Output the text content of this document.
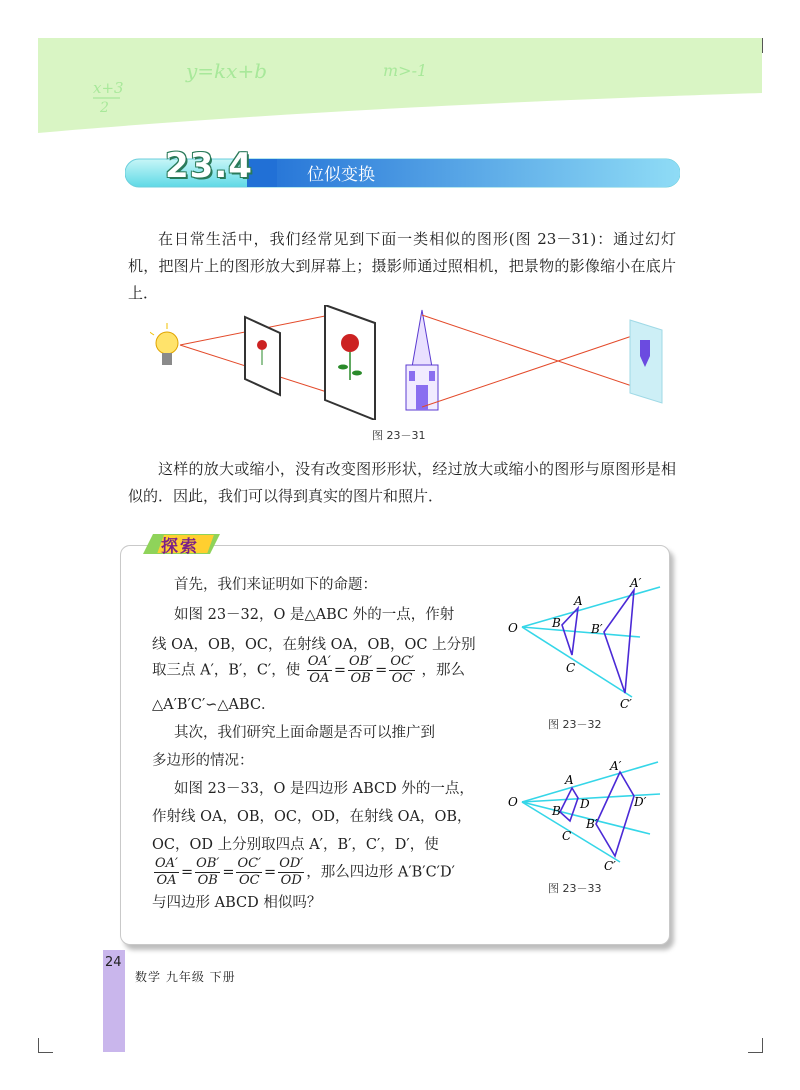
x+3
2
y=kx+b	m>-1
23.4	位似变换
在日常生活中，我们经常见到下面一类相似的图形(图 23－31)：通过幻灯机，把图片上的图形放大到屏幕上；摄影师通过照相机，把景物的影像缩小在底片上．
图 23－31
这样的放大或缩小，没有改变图形形状，经过放大或缩小的图形与原图形是相似的．因此，我们可以得到真实的图片和照片．
探索
首先，我们来证明如下的命题：
如图 23－32，O 是△ABC 外的一点，作射
线 OA，OB，OC，在射线 OA，OB，OC 上分别
取三点 A′，B′，C′，使 $\frac{OA'}{OA} = \frac{OB'}{OB} = \frac{OC'}{OC}$ ，那么
△A′B′C′∽△ABC．
其次，我们研究上面命题是否可以推广到
多边形的情况：
如图 23－33，O 是四边形 ABCD 外的一点，
作射线 OA，OB，OC，OD，在射线 OA，OB，
OC，OD 上分别取四点 A′，B′，C′，D′，使
$\frac{OA'}{OA} = \frac{OB'}{OB} = \frac{OC'}{OC} = \frac{OD'}{OD}$ ，那么四边形 A′B′C′D′
与四边形 ABCD 相似吗？
O
A
B
C
A′
B′
C′
图 23－32
O
A
B
C
D
A′
B′
C′
D′
图 23－33
24
数学 九年级 下册
